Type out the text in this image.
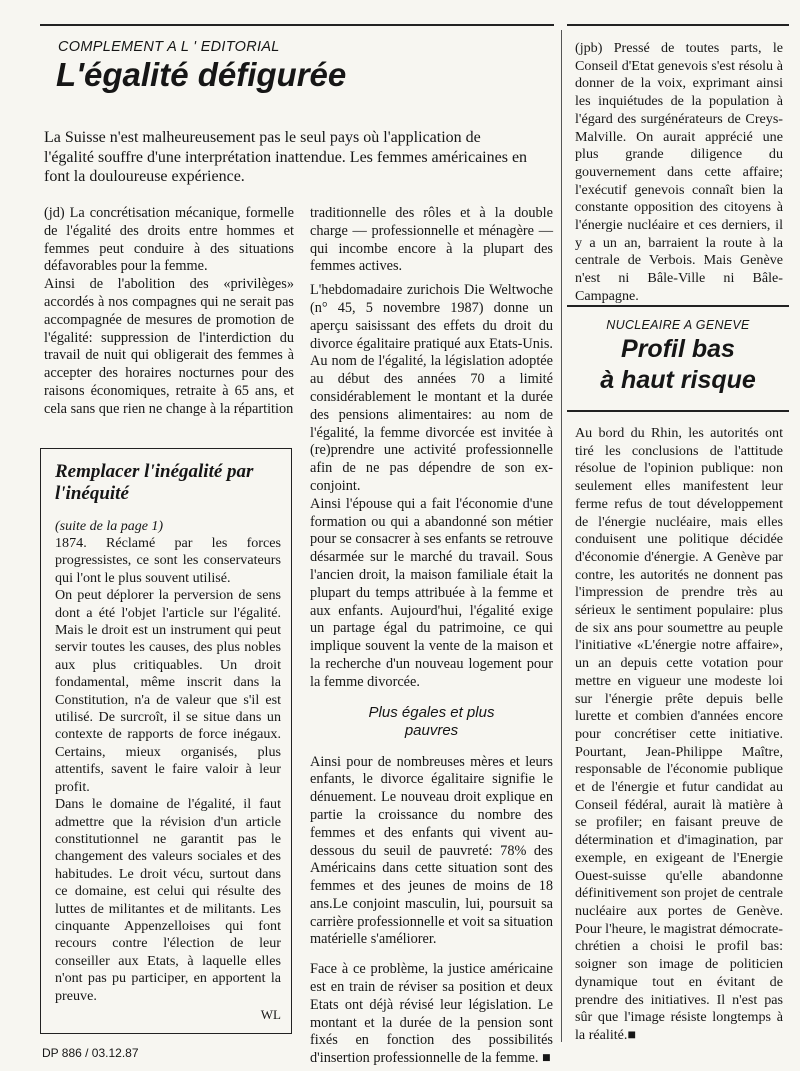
COMPLEMENT A L ' EDITORIAL
L'égalité défigurée

La Suisse n'est malheureusement pas le seul pays où l'application de l'égalité souffre d'une interprétation inattendue. Les femmes américaines en font la douloureuse expérience.

(jd) La concrétisation mécanique, formelle de l'égalité des droits entre hommes et femmes peut conduire à des situations défavorables pour la femme.

Ainsi de l'abolition des «privilèges» accordés à nos compagnes qui ne serait pas accompagnée de mesures de promotion de l'égalité: suppression de l'interdiction du travail de nuit qui obligerait des femmes à accepter des horaires nocturnes pour des raisons économiques, retraite à 65 ans, et cela sans que rien ne change à la répartition

traditionnelle des rôles et à la double charge — professionnelle et ménagère — qui incombe encore à la plupart des femmes actives.

L'hebdomadaire zurichois Die Weltwoche (n° 45, 5 novembre 1987) donne un aperçu saisissant des effets du droit du divorce égalitaire pratiqué aux Etats-Unis. Au nom de l'égalité, la législation adoptée au début des années 70 a limité considérablement le montant et la durée des pensions alimentaires: au nom de l'égalité, la femme divorcée est invitée à (re)prendre une activité professionnelle afin de ne pas dépendre de son ex-conjoint.

Ainsi l'épouse qui a fait l'économie d'une formation ou qui a abandonné son métier pour se consacrer à ses enfants se retrouve désarmée sur le marché du travail. Sous l'ancien droit, la maison familiale était la plupart du temps attribuée à la femme et aux enfants. Aujourd'hui, l'égalité exige un partage égal du patrimoine, ce qui implique souvent la vente de la maison et la recherche d'un nouveau logement pour la femme divorcée.

Plus égales et plus pauvres

Ainsi pour de nombreuses mères et leurs enfants, le divorce égalitaire signifie le dénuement. Le nouveau droit explique en partie la croissance du nombre des femmes et des enfants qui vivent au-dessous du seuil de pauvreté: 78% des Américains dans cette situation sont des femmes et des jeunes de moins de 18 ans.Le conjoint masculin, lui, poursuit sa carrière professionnelle et voit sa situation matérielle s'améliorer.

Face à ce problème, la justice américaine est en train de réviser sa position et deux Etats ont déjà révisé leur législation. Le montant et la durée de la pension sont fixés en fonction des possibilités d'insertion professionnelle de la femme. ■

Remplacer l'inégalité par l'inéquité
(suite de la page 1)

1874. Réclamé par les forces progressistes, ce sont les conservateurs qui l'ont le plus souvent utilisé.

On peut déplorer la perversion de sens dont a été l'objet l'article sur l'égalité. Mais le droit est un instrument qui peut servir toutes les causes, des plus nobles aux plus critiquables. Un droit fondamental, même inscrit dans la Constitution, n'a de valeur que s'il est utilisé. De surcroît, il se situe dans un contexte de rapports de force inégaux. Certains, mieux organisés, plus attentifs, savent le faire valoir à leur profit.

Dans le domaine de l'égalité, il faut admettre que la révision d'un article constitutionnel ne garantit pas le changement des valeurs sociales et des habitudes. Le droit vécu, surtout dans ce domaine, est celui qui résulte des luttes de militantes et de militants. Les cinquante Appenzelloises qui font recours contre l'élection de leur conseiller aux Etats, à laquelle elles n'ont pas pu participer, en apportent la preuve.

WL

(jpb) Pressé de toutes parts, le Conseil d'Etat genevois s'est résolu à donner de la voix, exprimant ainsi les inquiétudes de la population à l'égard des surgénérateurs de Creys-Malville. On aurait apprécié une plus grande diligence du gouvernement dans cette affaire; l'exécutif genevois connaît bien la constante opposition des citoyens à l'énergie nucléaire et ces derniers, il y a un an, barraient la route à la centrale de Verbois. Mais Genève n'est ni Bâle-Ville ni Bâle-Campagne.

NUCLEAIRE A GENEVE
Profil bas
à haut risque

Au bord du Rhin, les autorités ont tiré les conclusions de l'attitude résolue de l'opinion publique: non seulement elles manifestent leur ferme refus de tout développement de l'énergie nucléaire, mais elles conduisent une politique décidée d'économie d'énergie. A Genève par contre, les autorités ne donnent pas l'impression de prendre très au sérieux le sentiment populaire: plus de six ans pour soumettre au peuple l'initiative «L'énergie notre affaire», un an depuis cette votation pour mettre en vigueur une modeste loi sur l'énergie prête depuis belle lurette et combien d'années encore pour concrétiser cette initiative. Pourtant, Jean-Philippe Maître, responsable de l'économie publique et de l'énergie et futur candidat au Conseil fédéral, aurait là matière à se profiler; en faisant preuve de détermination et d'imagination, par exemple, en exigeant de l'Energie Ouest-suisse qu'elle abandonne définitivement son projet de centrale nucléaire aux portes de Genève. Pour l'heure, le magistrat démocrate-chrétien a choisi le profil bas: soigner son image de politicien dynamique tout en évitant de prendre des initiatives. Il n'est pas sûr que l'image résiste longtemps à la réalité.■

DP 886 / 03.12.87
